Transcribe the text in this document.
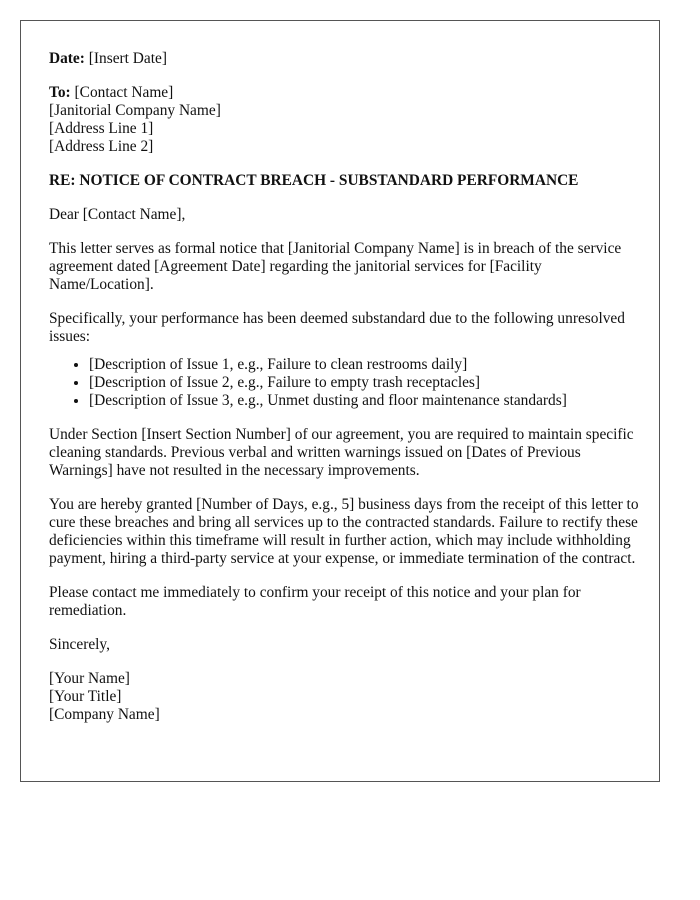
Date: [Insert Date]

To: [Contact Name]
[Janitorial Company Name]
[Address Line 1]
[Address Line 2]

RE: NOTICE OF CONTRACT BREACH - SUBSTANDARD PERFORMANCE

Dear [Contact Name],

This letter serves as formal notice that [Janitorial Company Name] is in breach of the service agreement dated [Agreement Date] regarding the janitorial services for [Facility Name/Location].

Specifically, your performance has been deemed substandard due to the following unresolved issues:

• [Description of Issue 1, e.g., Failure to clean restrooms daily]
• [Description of Issue 2, e.g., Failure to empty trash receptacles]
• [Description of Issue 3, e.g., Unmet dusting and floor maintenance standards]

Under Section [Insert Section Number] of our agreement, you are required to maintain specific cleaning standards. Previous verbal and written warnings issued on [Dates of Previous Warnings] have not resulted in the necessary improvements.

You are hereby granted [Number of Days, e.g., 5] business days from the receipt of this letter to cure these breaches and bring all services up to the contracted standards. Failure to rectify these deficiencies within this timeframe will result in further action, which may include withholding payment, hiring a third-party service at your expense, or immediate termination of the contract.

Please contact me immediately to confirm your receipt of this notice and your plan for remediation.

Sincerely,

[Your Name]
[Your Title]
[Company Name]
